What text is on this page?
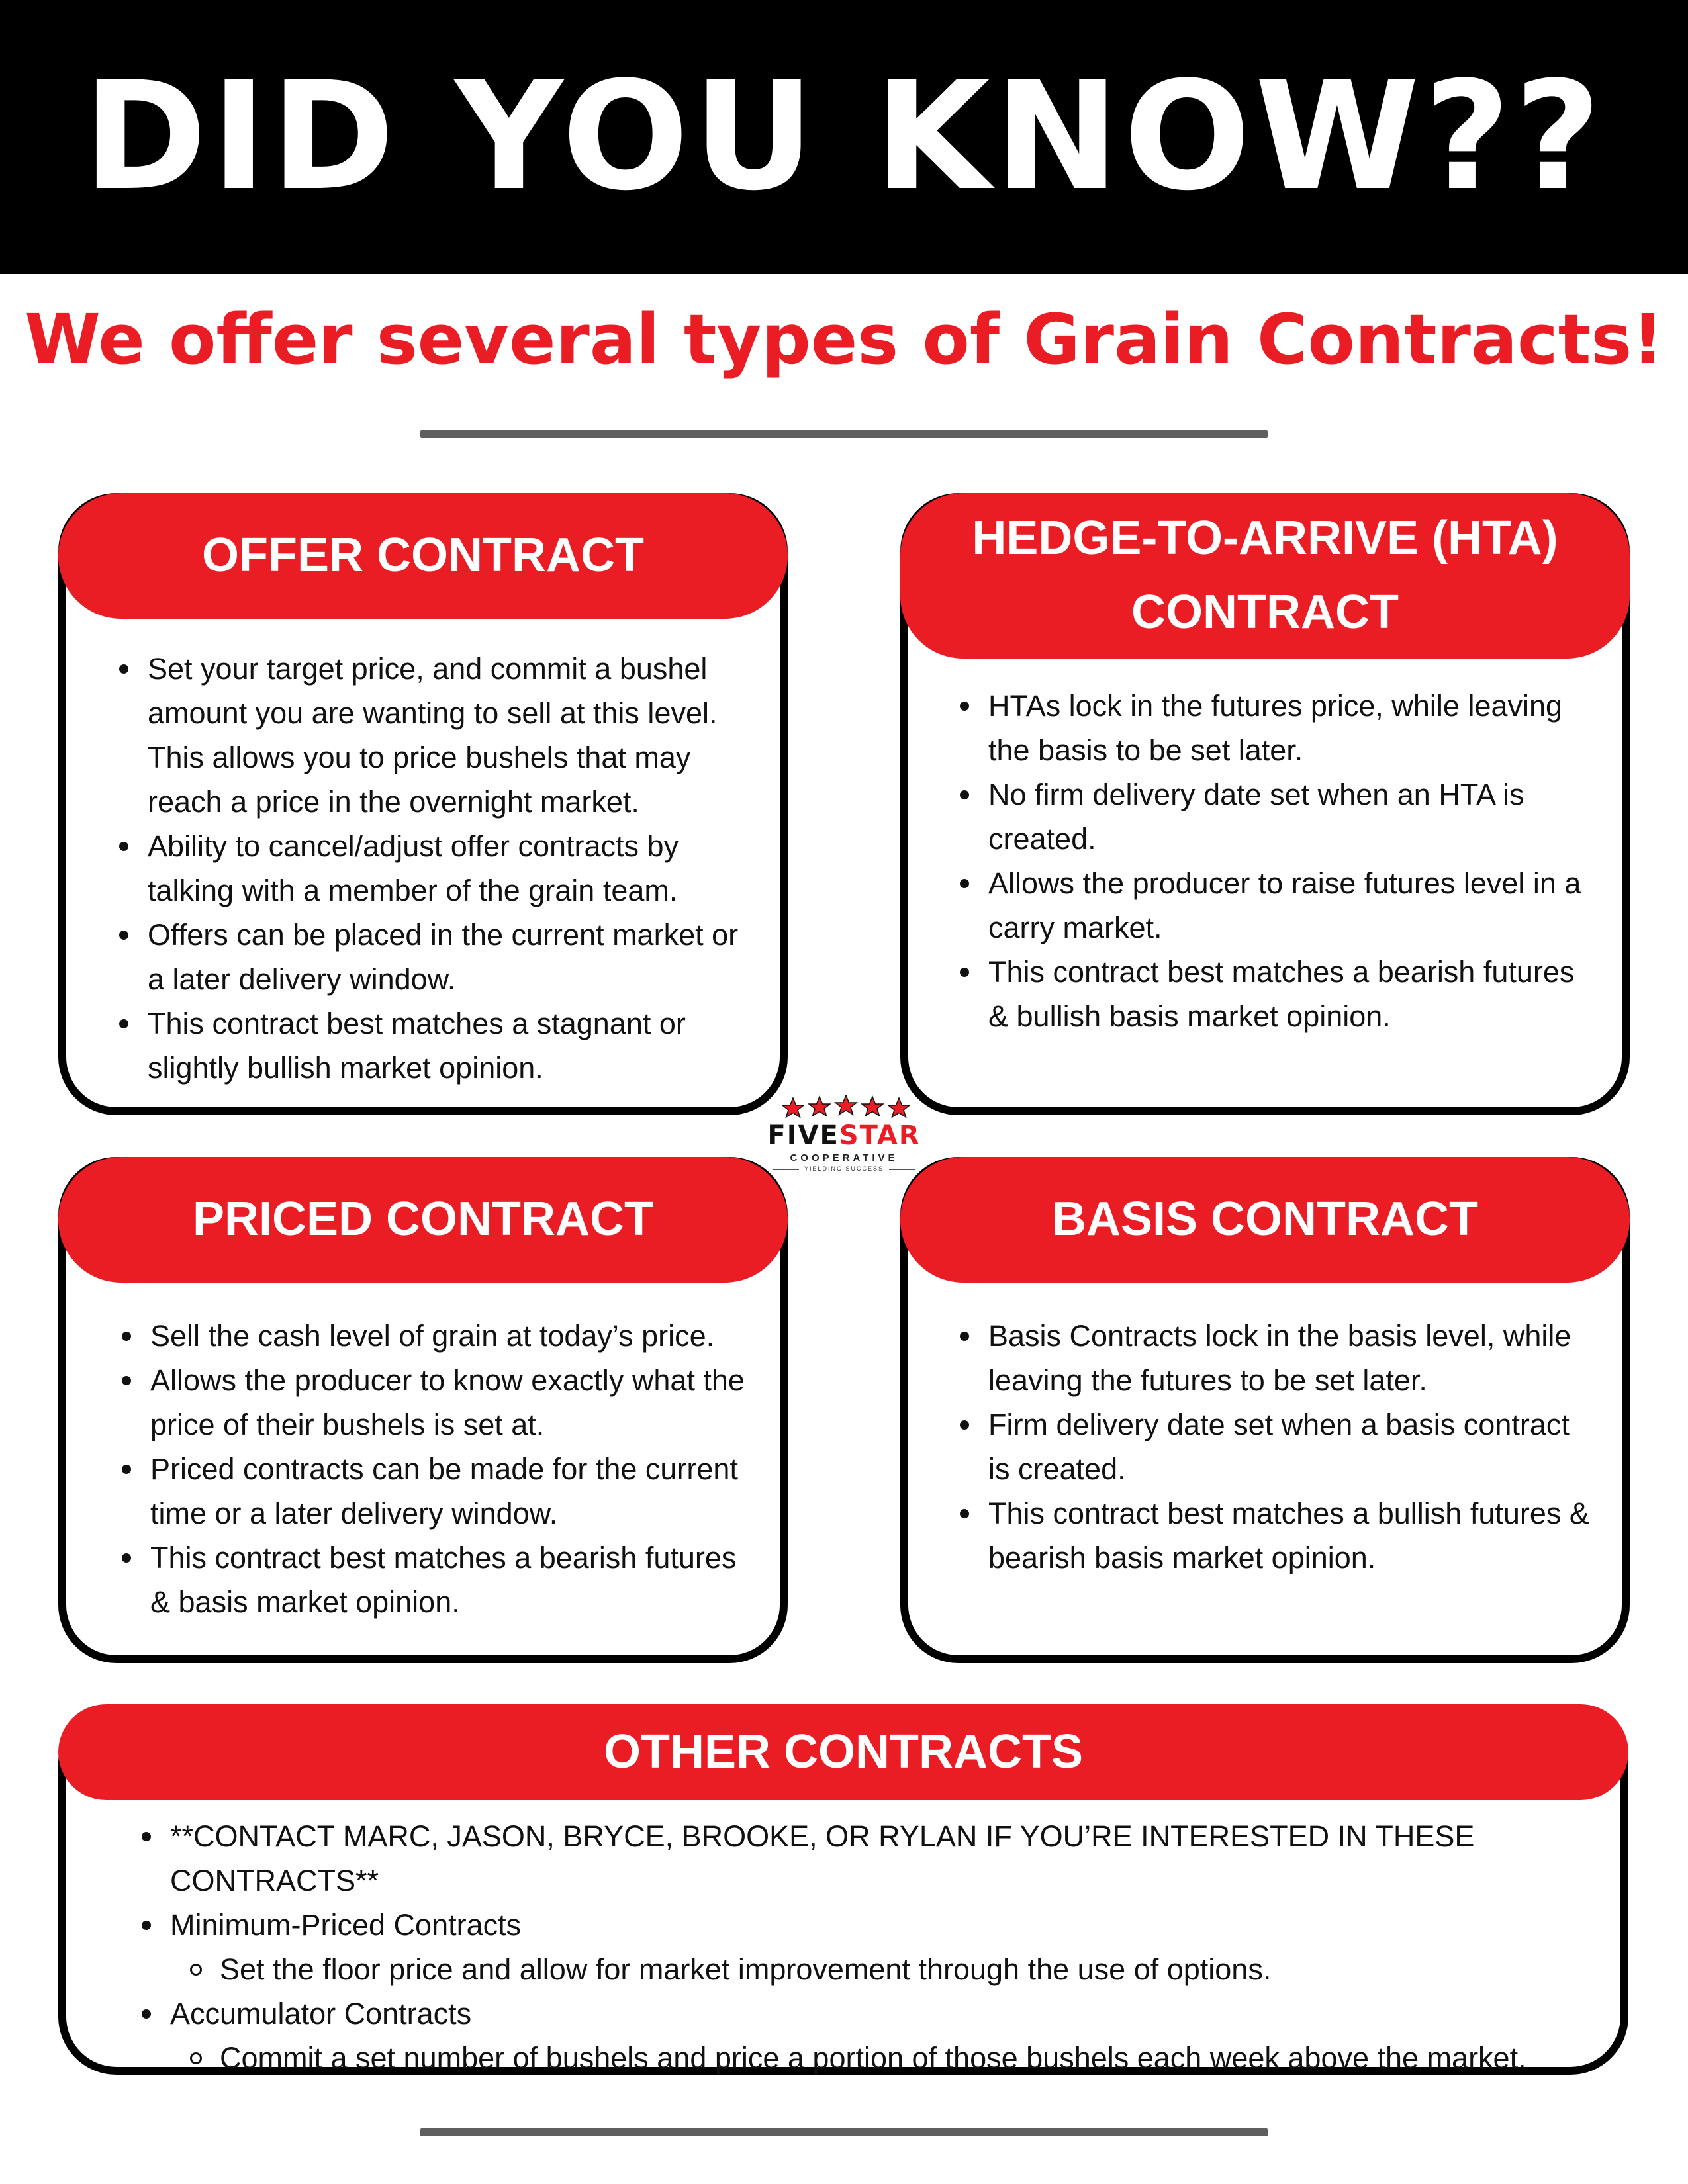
DID YOU KNOW??
We offer several types of Grain Contracts!
OFFER CONTRACT
Set your target price, and commit a bushel amount you are wanting to sell at this level. This allows you to price bushels that may reach a price in the overnight market.
Ability to cancel/adjust offer contracts by talking with a member of the grain team.
Offers can be placed in the current market or a later delivery window.
This contract best matches a stagnant or slightly bullish market opinion.
HEDGE-TO-ARRIVE (HTA)
CONTRACT
HTAs lock in the futures price, while leaving the basis to be set later.
No firm delivery date set when an HTA is created.
Allows the producer to raise futures level in a carry market.
This contract best matches a bearish futures & bullish basis market opinion.
FIVESTAR
COOPERATIVE
YIELDING SUCCESS
PRICED CONTRACT
Sell the cash level of grain at today’s price.
Allows the producer to know exactly what the price of their bushels is set at.
Priced contracts can be made for the current time or a later delivery window.
This contract best matches a bearish futures & basis market opinion.
BASIS CONTRACT
Basis Contracts lock in the basis level, while leaving the futures to be set later.
Firm delivery date set when a basis contract is created.
This contract best matches a bullish futures & bearish basis market opinion.
OTHER CONTRACTS
**CONTACT MARC, JASON, BRYCE, BROOKE, OR RYLAN IF YOU’RE INTERESTED IN THESE CONTRACTS**
Minimum-Priced Contracts
Set the floor price and allow for market improvement through the use of options.
Accumulator Contracts
Commit a set number of bushels and price a portion of those bushels each week above the market.
